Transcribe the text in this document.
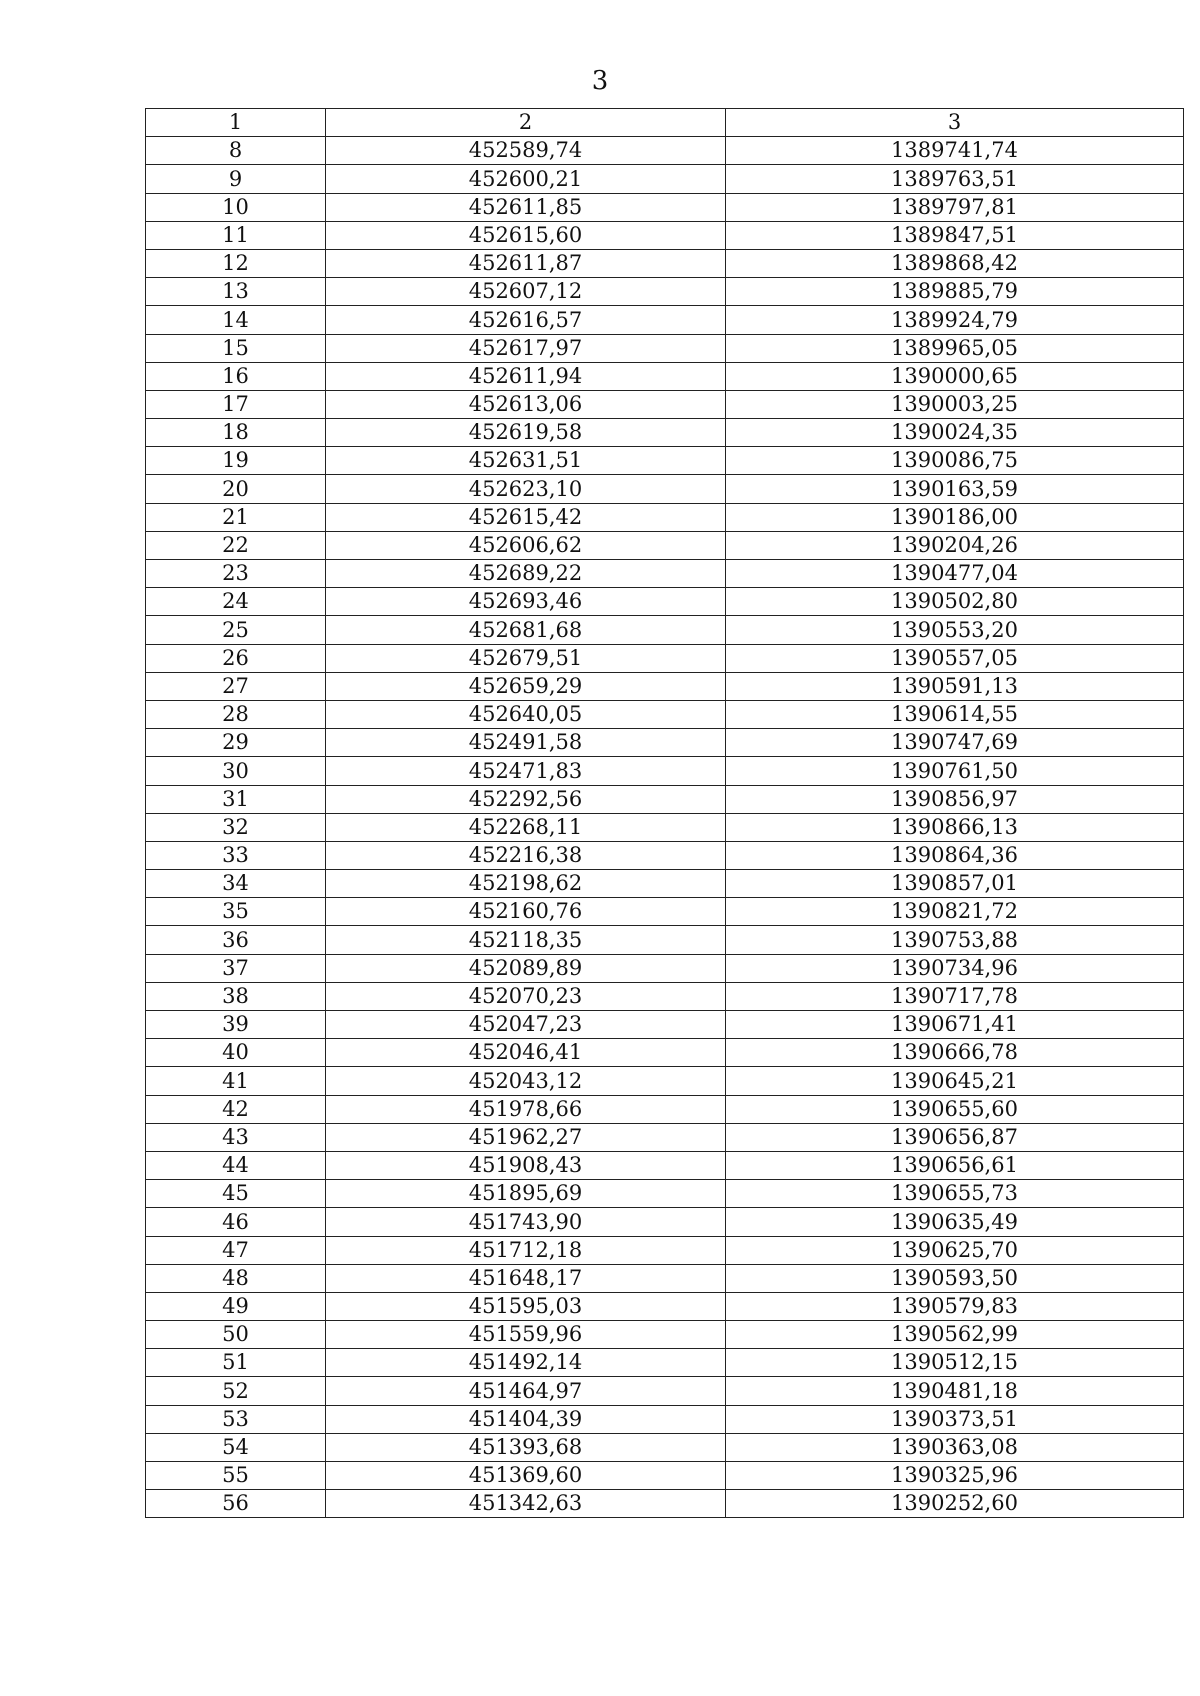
3
1	2	3
8	452589,74	1389741,74
9	452600,21	1389763,51
10	452611,85	1389797,81
11	452615,60	1389847,51
12	452611,87	1389868,42
13	452607,12	1389885,79
14	452616,57	1389924,79
15	452617,97	1389965,05
16	452611,94	1390000,65
17	452613,06	1390003,25
18	452619,58	1390024,35
19	452631,51	1390086,75
20	452623,10	1390163,59
21	452615,42	1390186,00
22	452606,62	1390204,26
23	452689,22	1390477,04
24	452693,46	1390502,80
25	452681,68	1390553,20
26	452679,51	1390557,05
27	452659,29	1390591,13
28	452640,05	1390614,55
29	452491,58	1390747,69
30	452471,83	1390761,50
31	452292,56	1390856,97
32	452268,11	1390866,13
33	452216,38	1390864,36
34	452198,62	1390857,01
35	452160,76	1390821,72
36	452118,35	1390753,88
37	452089,89	1390734,96
38	452070,23	1390717,78
39	452047,23	1390671,41
40	452046,41	1390666,78
41	452043,12	1390645,21
42	451978,66	1390655,60
43	451962,27	1390656,87
44	451908,43	1390656,61
45	451895,69	1390655,73
46	451743,90	1390635,49
47	451712,18	1390625,70
48	451648,17	1390593,50
49	451595,03	1390579,83
50	451559,96	1390562,99
51	451492,14	1390512,15
52	451464,97	1390481,18
53	451404,39	1390373,51
54	451393,68	1390363,08
55	451369,60	1390325,96
56	451342,63	1390252,60
